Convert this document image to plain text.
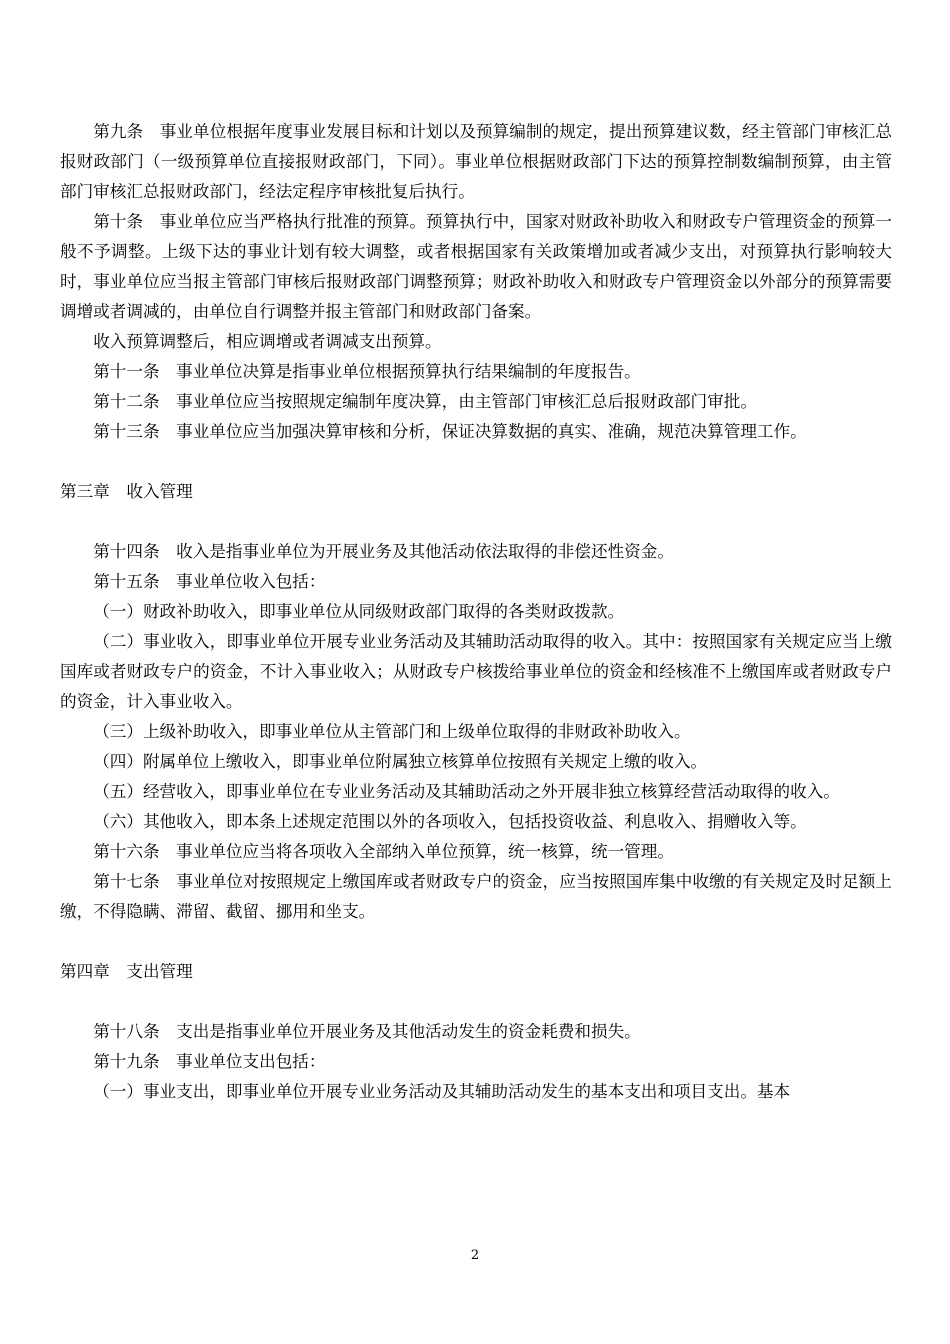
第九条　事业单位根据年度事业发展目标和计划以及预算编制的规定，提出预算建议数，经主管部门审核汇总报财政部门（一级预算单位直接报财政部门，下同）。事业单位根据财政部门下达的预算控制数编制预算，由主管部门审核汇总报财政部门，经法定程序审核批复后执行。

第十条　事业单位应当严格执行批准的预算。预算执行中，国家对财政补助收入和财政专户管理资金的预算一般不予调整。上级下达的事业计划有较大调整，或者根据国家有关政策增加或者减少支出，对预算执行影响较大时，事业单位应当报主管部门审核后报财政部门调整预算；财政补助收入和财政专户管理资金以外部分的预算需要调增或者调减的，由单位自行调整并报主管部门和财政部门备案。

收入预算调整后，相应调增或者调减支出预算。

第十一条　事业单位决算是指事业单位根据预算执行结果编制的年度报告。

第十二条　事业单位应当按照规定编制年度决算，由主管部门审核汇总后报财政部门审批。

第十三条　事业单位应当加强决算审核和分析，保证决算数据的真实、准确，规范决算管理工作。

第三章　收入管理

第十四条　收入是指事业单位为开展业务及其他活动依法取得的非偿还性资金。

第十五条　事业单位收入包括：

（一）财政补助收入，即事业单位从同级财政部门取得的各类财政拨款。

（二）事业收入，即事业单位开展专业业务活动及其辅助活动取得的收入。其中：按照国家有关规定应当上缴国库或者财政专户的资金，不计入事业收入；从财政专户核拨给事业单位的资金和经核准不上缴国库或者财政专户的资金，计入事业收入。

（三）上级补助收入，即事业单位从主管部门和上级单位取得的非财政补助收入。

（四）附属单位上缴收入，即事业单位附属独立核算单位按照有关规定上缴的收入。

（五）经营收入，即事业单位在专业业务活动及其辅助活动之外开展非独立核算经营活动取得的收入。

（六）其他收入，即本条上述规定范围以外的各项收入，包括投资收益、利息收入、捐赠收入等。

第十六条　事业单位应当将各项收入全部纳入单位预算，统一核算，统一管理。

第十七条　事业单位对按照规定上缴国库或者财政专户的资金，应当按照国库集中收缴的有关规定及时足额上缴，不得隐瞒、滞留、截留、挪用和坐支。

第四章　支出管理

第十八条　支出是指事业单位开展业务及其他活动发生的资金耗费和损失。

第十九条　事业单位支出包括：

（一）事业支出，即事业单位开展专业业务活动及其辅助活动发生的基本支出和项目支出。基本

2
